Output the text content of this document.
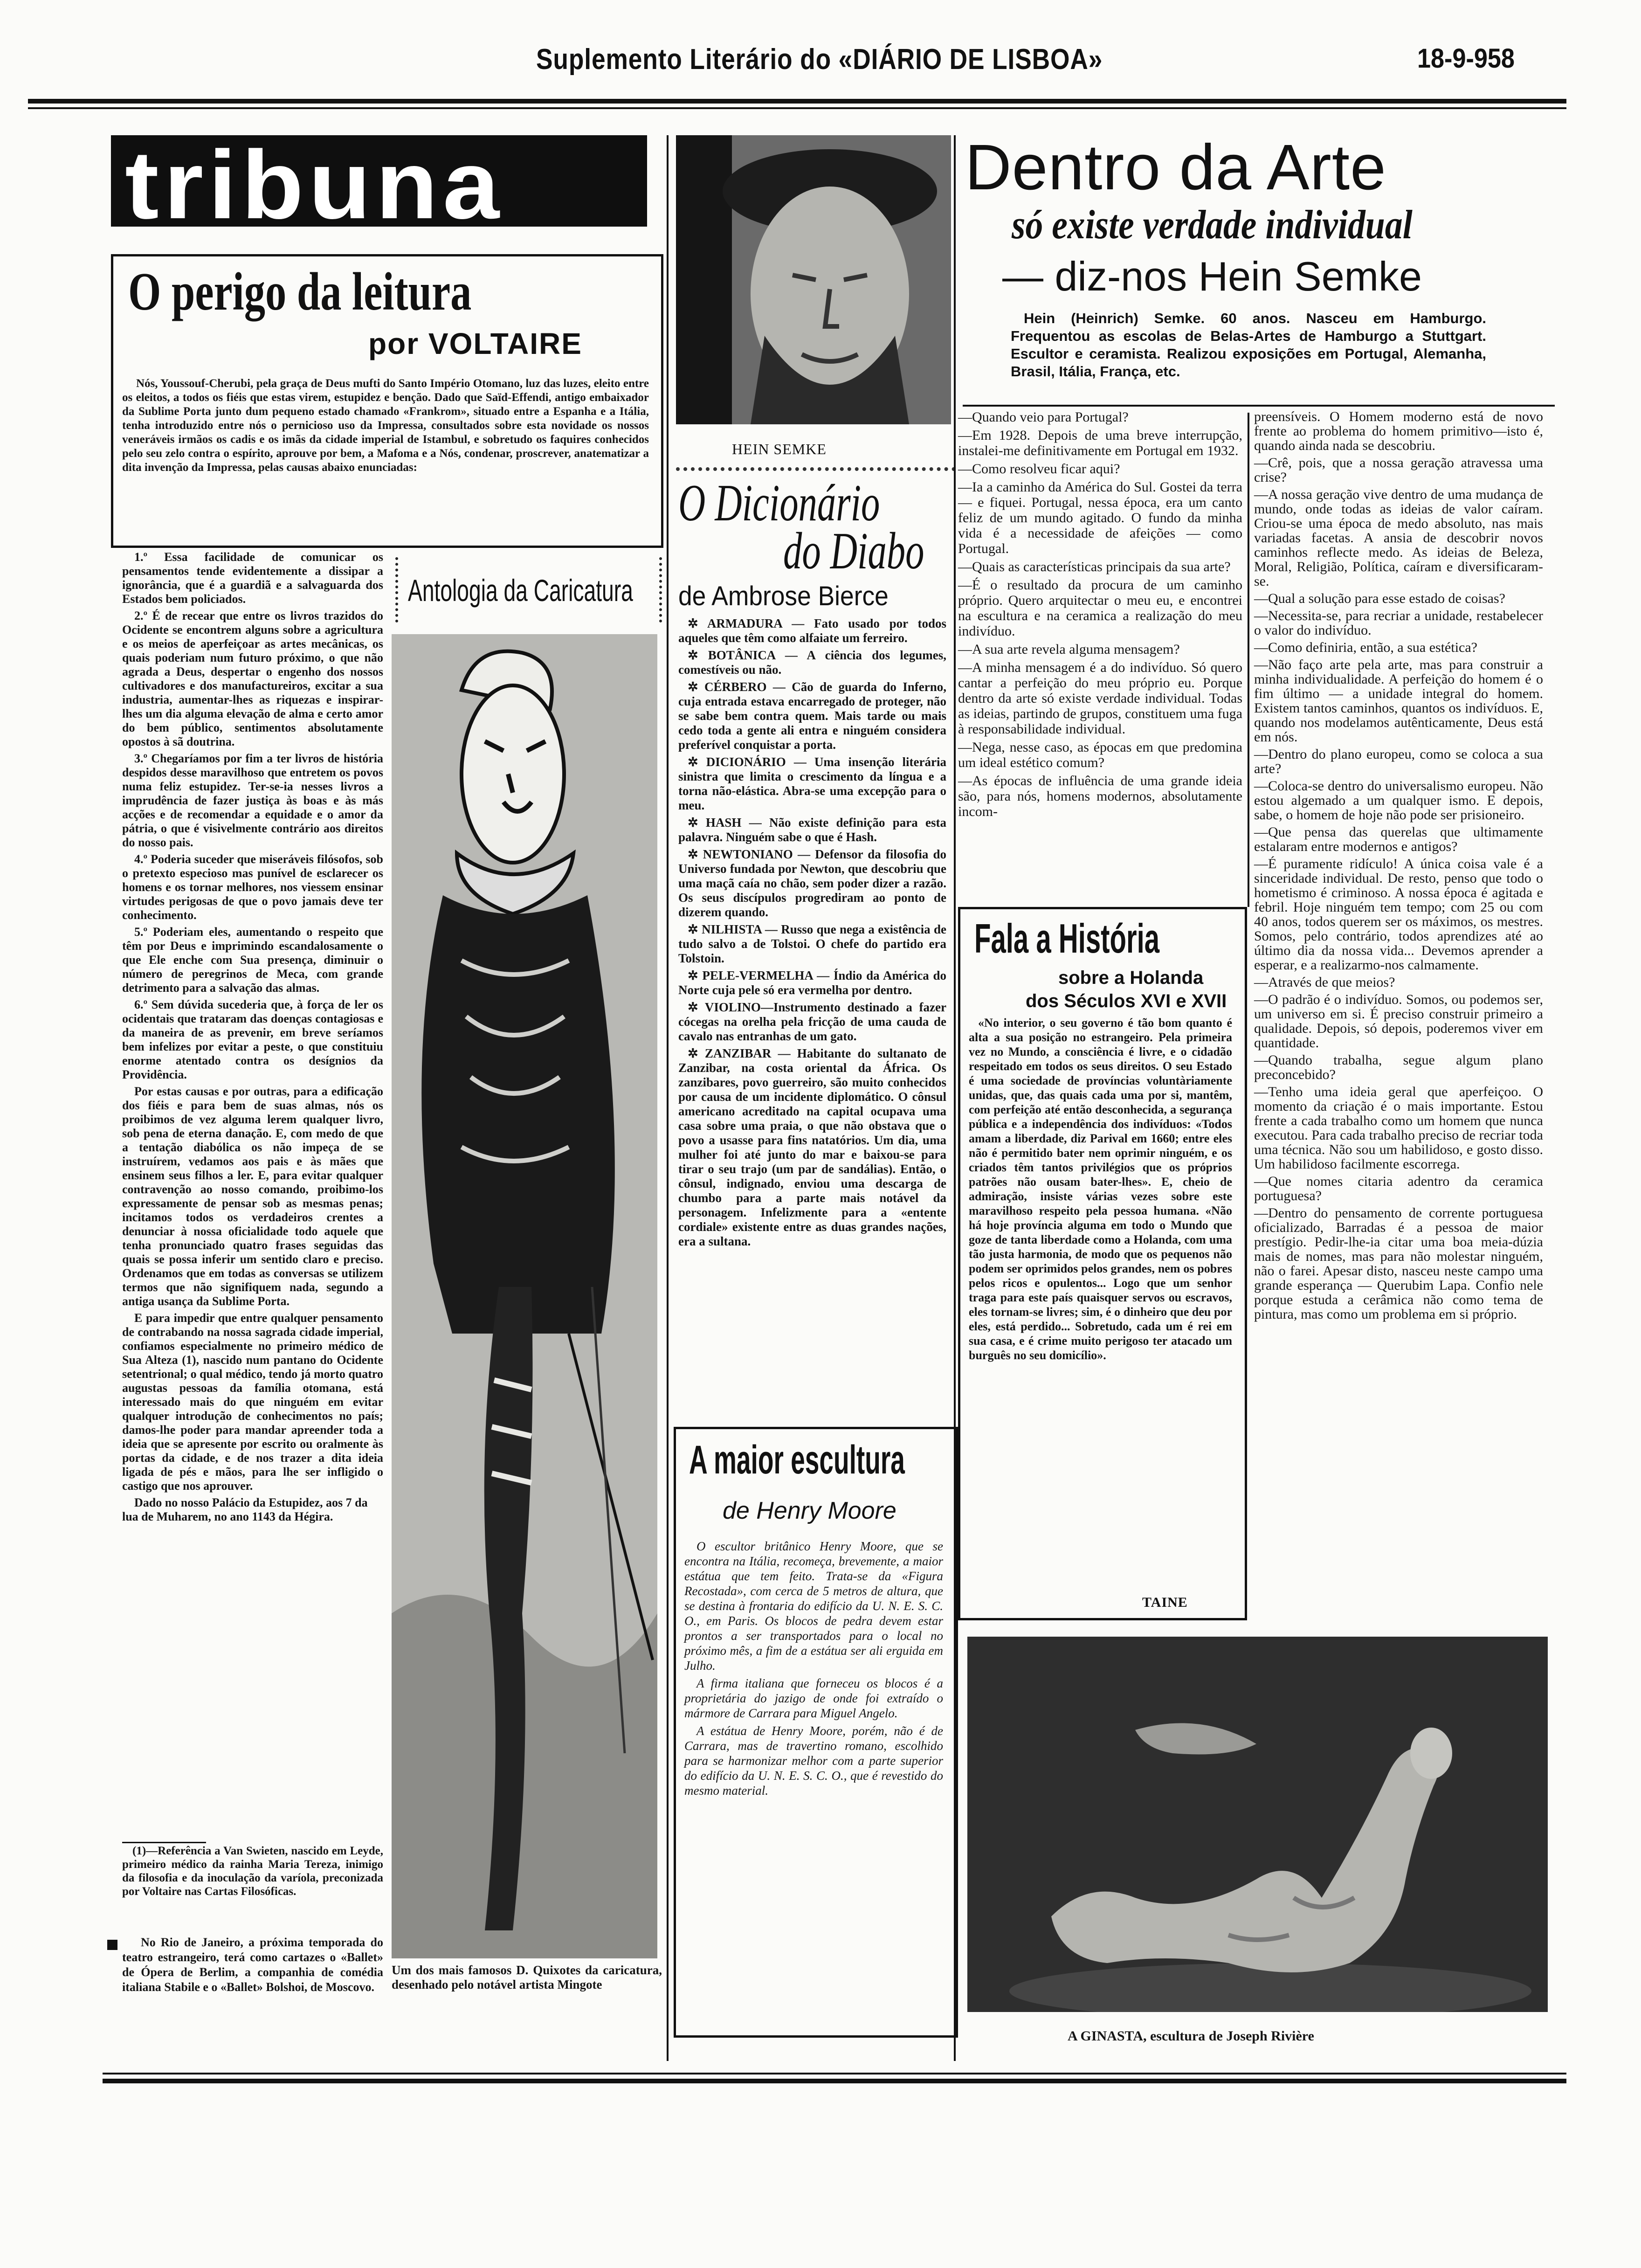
Suplemento Literário do «DIÁRIO DE LISBOA»	18-9-958
tribuna
O perigo da leitura
por VOLTAIRE
Nós, Youssouf-Cherubi, pela graça de Deus mufti do Santo Império Otomano, luz das luzes, eleito entre os eleitos, a todos os fiéis que estas virem, estupidez e benção. Dado que Saïd-Effendi, antigo embaixador da Sublime Porta junto dum pequeno estado chamado «Frankrom», situado entre a Espanha e a Itália, tenha introduzido entre nós o pernicioso uso da Impressa, consultados sobre esta novidade os nossos veneráveis irmãos os cadis e os imãs da cidade imperial de Istambul, e sobretudo os faquires conhecidos pelo seu zelo contra o espírito, aprouve por bem, a Mafoma e a Nós, condenar, proscrever, anatematizar a dita invenção da Impressa, pelas causas abaixo enunciadas:

1.º Essa facilidade de comunicar os pensamentos tende evidentemente a dissipar a ignorância, que é a guardiã e a salvaguarda dos Estados bem policiados.

2.º É de recear que entre os livros trazidos do Ocidente se encontrem alguns sobre a agricultura e os meios de aperfeiçoar as artes mecânicas, os quais poderiam num futuro próximo, o que não agrada a Deus, despertar o engenho dos nossos cultivadores e dos manufactureiros, excitar a sua industria, aumentar-lhes as riquezas e inspirar-lhes um dia alguma elevação de alma e certo amor do bem público, sentimentos absolutamente opostos à sã doutrina.

3.º Chegaríamos por fim a ter livros de história despidos desse maravilhoso que entretem os povos numa feliz estupidez. Ter-se-ia nesses livros a imprudência de fazer justiça às boas e às más acções e de recomendar a equidade e o amor da pátria, o que é visivelmente contrário aos direitos do nosso pais.

4.º Poderia suceder que miseráveis filósofos, sob o pretexto especioso mas punível de esclarecer os homens e os tornar melhores, nos viessem ensinar virtudes perigosas de que o povo jamais deve ter conhecimento.

5.º Poderiam eles, aumentando o respeito que têm por Deus e imprimindo escandalosamente o que Ele enche com Sua presença, diminuir o número de peregrinos de Meca, com grande detrimento para a salvação das almas.

6.º Sem dúvida sucederia que, à força de ler os ocidentais que trataram das doenças contagiosas e da maneira de as prevenir, em breve seríamos bem infelizes por evitar a peste, o que constituiu enorme atentado contra os desígnios da Providência.

Por estas causas e por outras, para a edificação dos fiéis e para bem de suas almas, nós os proibimos de vez alguma lerem qualquer livro, sob pena de eterna danação. E, com medo de que a tentação diabólica os não impeça de se instruírem, vedamos aos pais e às mães que ensinem seus filhos a ler. E, para evitar qualquer contravenção ao nosso comando, proibimo-los expressamente de pensar sob as mesmas penas; incitamos todos os verdadeiros crentes a denunciar à nossa oficialidade todo aquele que tenha pronunciado quatro frases seguidas das quais se possa inferir um sentido claro e preciso. Ordenamos que em todas as conversas se utilizem termos que não signifiquem nada, segundo a antiga usança da Sublime Porta.

E para impedir que entre qualquer pensamento de contrabando na nossa sagrada cidade imperial, confiamos especialmente no primeiro médico de Sua Alteza (1), nascido num pantano do Ocidente setentrional; o qual médico, tendo já morto quatro augustas pessoas da família otomana, está interessado mais do que ninguém em evitar qualquer introdução de conhecimentos no país; damos-lhe poder para mandar apreender toda a ideia que se apresente por escrito ou oralmente às portas da cidade, e de nos trazer a dita ideia ligada de pés e mãos, para lhe ser infligido o castigo que nos aprouver.

Dado no nosso Palácio da Estupidez, aos 7 da lua de Muharem, no ano 1143 da Hégira.

(1)—Referência a Van Swieten, nascido em Leyde, primeiro médico da rainha Maria Tereza, inimigo da filosofia e da inoculação da varíola, preconizada por Voltaire nas Cartas Filosóficas.
No Rio de Janeiro, a próxima temporada do teatro estrangeiro, terá como cartazes o «Ballet» de Ópera de Berlim, a companhia de comédia italiana Stabile e o «Ballet» Bolshoi, de Moscovo.
Antologia da Caricatura
Um dos mais famosos D. Quixotes da caricatura, desenhado pelo notável artista Mingote
HEIN SEMKE
O Dicionário
do Diabo
de Ambrose Bierce

✲ ARMADURA — Fato usado por todos aqueles que têm como alfaiate um ferreiro.

✲ BOTÂNICA — A ciência dos legumes, comestíveis ou não.

✲ CÉRBERO — Cão de guarda do Inferno, cuja entrada estava encarregado de proteger, não se sabe bem contra quem. Mais tarde ou mais cedo toda a gente ali entra e ninguém considera preferível conquistar a porta.

✲ DICIONÁRIO — Uma insenção literária sinistra que limita o crescimento da língua e a torna não-elástica. Abra-se uma excepção para o meu.

✲ HASH — Não existe definição para esta palavra. Ninguém sabe o que é Hash.

✲ NEWTONIANO — Defensor da filosofia do Universo fundada por Newton, que descobriu que uma maçã caía no chão, sem poder dizer a razão. Os seus discípulos progrediram ao ponto de dizerem quando.

✲ NILHISTA — Russo que nega a existência de tudo salvo a de Tolstoi. O chefe do partido era Tolstoin.

✲ PELE-VERMELHA — Índio da América do Norte cuja pele só era vermelha por dentro.

✲ VIOLINO—Instrumento destinado a fazer cócegas na orelha pela fricção de uma cauda de cavalo nas entranhas de um gato.

✲ ZANZIBAR — Habitante do sultanato de Zanzibar, na costa oriental da África. Os zanzibares, povo guerreiro, são muito conhecidos por causa de um incidente diplomático. O cônsul americano acreditado na capital ocupava uma casa sobre uma praia, o que não obstava que o povo a usasse para fins natatórios. Um dia, uma mulher foi até junto do mar e baixou-se para tirar o seu trajo (um par de sandálias). Então, o cônsul, indignado, enviou uma descarga de chumbo para a parte mais notável da personagem. Infelizmente para a «entente cordiale» existente entre as duas grandes nações, era a sultana.

A maior escultura
de Henry Moore

O escultor britânico Henry Moore, que se encontra na Itália, recomeça, brevemente, a maior estátua que tem feito. Trata-se da «Figura Recostada», com cerca de 5 metros de altura, que se destina à frontaria do edifício da U. N. E. S. C. O., em Paris. Os blocos de pedra devem estar prontos a ser transportados para o local no próximo mês, a fim de a estátua ser ali erguida em Julho.

A firma italiana que forneceu os blocos é a proprietária do jazigo de onde foi extraído o mármore de Carrara para Miguel Angelo.

A estátua de Henry Moore, porém, não é de Carrara, mas de travertino romano, escolhido para se harmonizar melhor com a parte superior do edifício da U. N. E. S. C. O., que é revestido do mesmo material.

Dentro da Arte
só existe verdade individual
— diz-nos Hein Semke
Hein (Heinrich) Semke. 60 anos. Nasceu em Hamburgo. Frequentou as escolas de Belas-Artes de Hamburgo a Stuttgart. Escultor e ceramista. Realizou exposições em Portugal, Alemanha, Brasil, Itália, França, etc.

—Quando veio para Portugal?

—Em 1928. Depois de uma breve interrupção, instalei-me definitivamente em Portugal em 1932.

—Como resolveu ficar aqui?

—Ia a caminho da América do Sul. Gostei da terra — e fiquei. Portugal, nessa época, era um canto feliz de um mundo agitado. O fundo da minha vida é a necessidade de afeições — como Portugal.

—Quais as características principais da sua arte?

—É o resultado da procura de um caminho próprio. Quero arquitectar o meu eu, e encontrei na escultura e na ceramica a realização do meu indivíduo.

—A sua arte revela alguma mensagem?

—A minha mensagem é a do indivíduo. Só quero cantar a perfeição do meu próprio eu. Porque dentro da arte só existe verdade individual. Todas as ideias, partindo de grupos, constituem uma fuga à responsabilidade individual.

—Nega, nesse caso, as épocas em que predomina um ideal estético comum?

—As épocas de influência de uma grande ideia são, para nós, homens modernos, absolutamente incom-

preensíveis. O Homem moderno está de novo frente ao problema do homem primitivo—isto é, quando ainda nada se descobriu.

—Crê, pois, que a nossa geração atravessa uma crise?

—A nossa geração vive dentro de uma mudança de mundo, onde todas as ideias de valor caíram. Criou-se uma época de medo absoluto, nas mais variadas facetas. A ansia de descobrir novos caminhos reflecte medo. As ideias de Beleza, Moral, Religião, Política, caíram e diversificaram-se.

—Qual a solução para esse estado de coisas?

—Necessita-se, para recriar a unidade, restabelecer o valor do indivíduo.

—Como definiria, então, a sua estética?

—Não faço arte pela arte, mas para construir a minha individualidade. A perfeição do homem é o fim último — a unidade integral do homem. Existem tantos caminhos, quantos os indivíduos. E, quando nos modelamos autênticamente, Deus está em nós.

—Dentro do plano europeu, como se coloca a sua arte?

—Coloca-se dentro do universalismo europeu. Não estou algemado a um qualquer ismo. E depois, sabe, o homem de hoje não pode ser prisioneiro.

—Que pensa das querelas que ultimamente estalaram entre modernos e antigos?

—É puramente ridículo! A única coisa vale é a sinceridade individual. De resto, penso que todo o hometismo é criminoso. A nossa época é agitada e febril. Hoje ninguém tem tempo; com 25 ou com 40 anos, todos querem ser os máximos, os mestres. Somos, pelo contrário, todos aprendizes até ao último dia da nossa vida... Devemos aprender a esperar, e a realizarmo-nos calmamente.

—Através de que meios?

—O padrão é o indivíduo. Somos, ou podemos ser, um universo em si. É preciso construir primeiro a qualidade. Depois, só depois, poderemos viver em quantidade.

—Quando trabalha, segue algum plano preconcebido?

—Tenho uma ideia geral que aperfeiçoo. O momento da criação é o mais importante. Estou frente a cada trabalho como um homem que nunca executou. Para cada trabalho preciso de recriar toda uma técnica. Não sou um habilidoso, e gosto disso. Um habilidoso facilmente escorrega.

—Que nomes citaria adentro da ceramica portuguesa?

—Dentro do pensamento de corrente portuguesa oficializado, Barradas é a pessoa de maior prestígio. Pedir-lhe-ia citar uma boa meia-dúzia mais de nomes, mas para não molestar ninguém, não o farei. Apesar disto, nasceu neste campo uma grande esperança — Querubim Lapa. Confio nele porque estuda a cerâmica não como tema de pintura, mas como um problema em si próprio.

Fala a História
sobre a Holanda
dos Séculos XVI e XVII
«No interior, o seu governo é tão bom quanto é alta a sua posição no estrangeiro. Pela primeira vez no Mundo, a consciência é livre, e o cidadão respeitado em todos os seus direitos. O seu Estado é uma sociedade de províncias voluntàriamente unidas, que, das quais cada uma por si, mantêm, com perfeição até então desconhecida, a segurança pública e a independência dos indivíduos: «Todos amam a liberdade, diz Parival em 1660; entre eles não é permitido bater nem oprimir ninguém, e os criados têm tantos privilégios que os próprios patrões não ousam bater-lhes». E, cheio de admiração, insiste várias vezes sobre este maravilhoso respeito pela pessoa humana. «Não há hoje província alguma em todo o Mundo que goze de tanta liberdade como a Holanda, com uma tão justa harmonia, de modo que os pequenos não podem ser oprimidos pelos grandes, nem os pobres pelos ricos e opulentos... Logo que um senhor traga para este país quaisquer servos ou escravos, eles tornam-se livres; sim, é o dinheiro que deu por eles, está perdido... Sobretudo, cada um é rei em sua casa, e é crime muito perigoso ter atacado um burguês no seu domicílio».
TAINE
A GINASTA, escultura de Joseph Rivière
